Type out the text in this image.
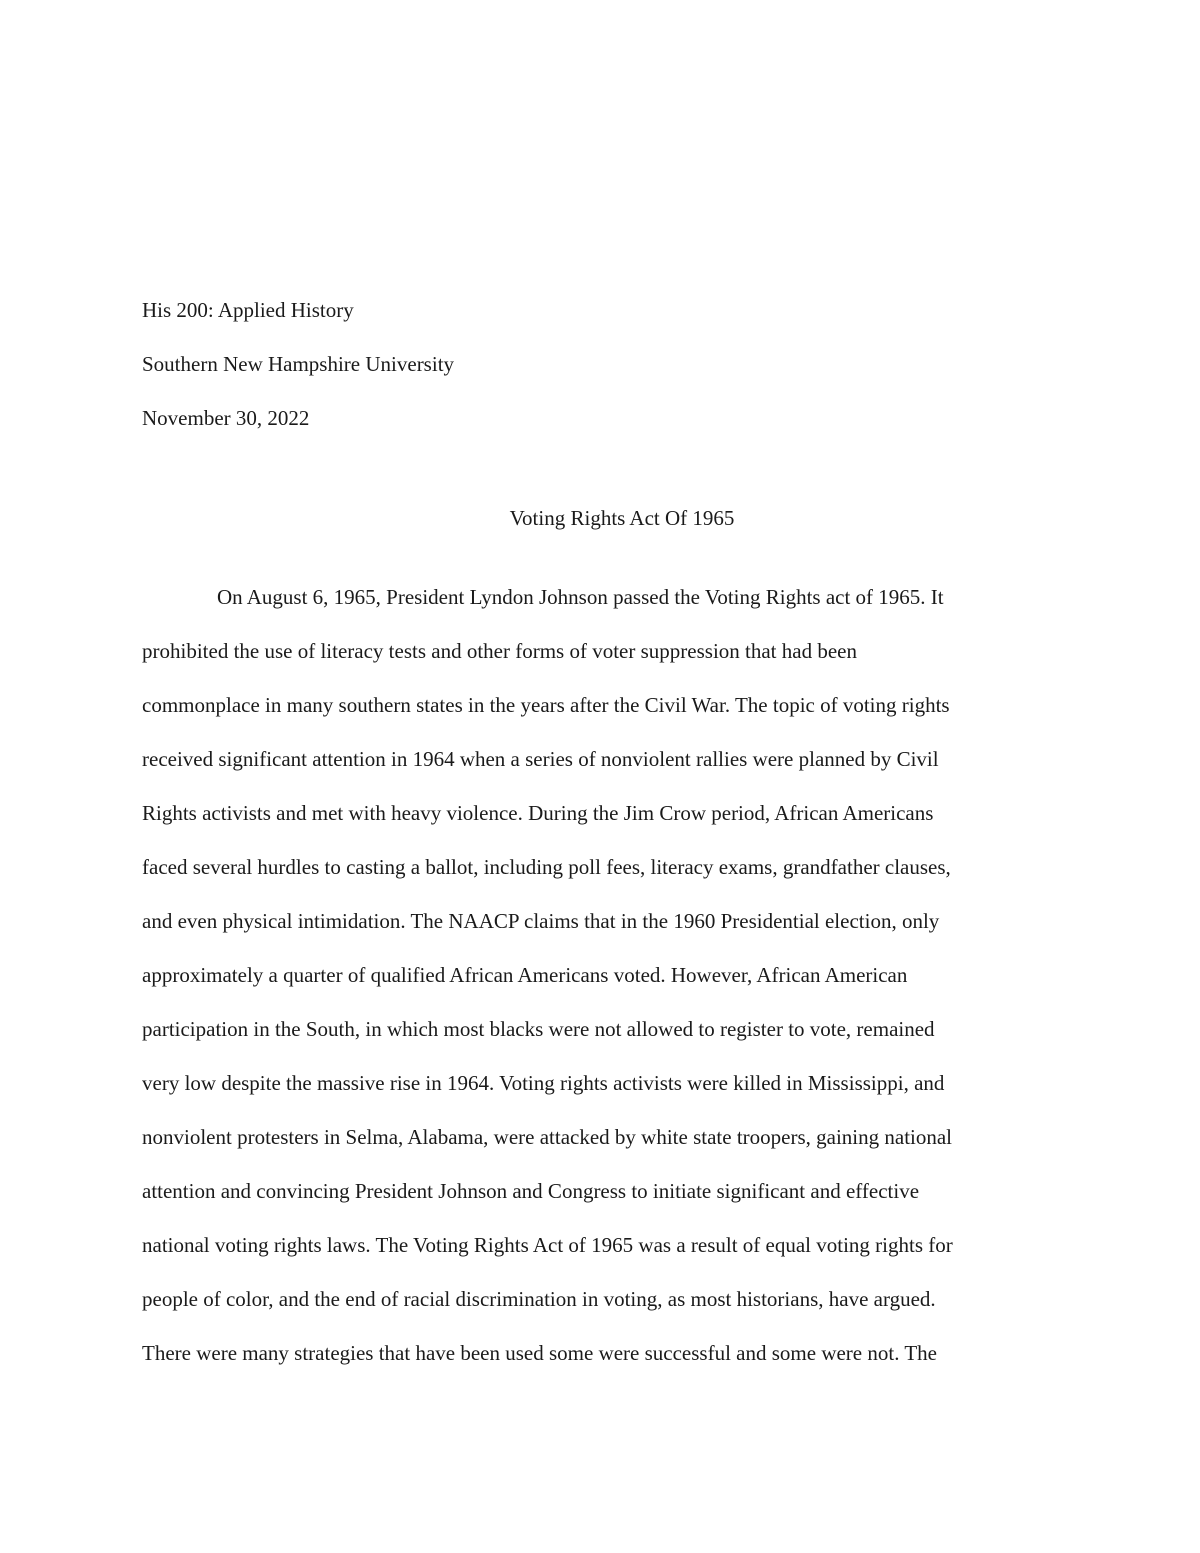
His 200: Applied History
Southern New Hampshire University
November 30, 2022
Voting Rights Act Of 1965
On August 6, 1965, President Lyndon Johnson passed the Voting Rights act of 1965. It
prohibited the use of literacy tests and other forms of voter suppression that had been
commonplace in many southern states in the years after the Civil War. The topic of voting rights
received significant attention in 1964 when a series of nonviolent rallies were planned by Civil
Rights activists and met with heavy violence. During the Jim Crow period, African Americans
faced several hurdles to casting a ballot, including poll fees, literacy exams, grandfather clauses,
and even physical intimidation. The NAACP claims that in the 1960 Presidential election, only
approximately a quarter of qualified African Americans voted. However, African American
participation in the South, in which most blacks were not allowed to register to vote, remained
very low despite the massive rise in 1964. Voting rights activists were killed in Mississippi, and
nonviolent protesters in Selma, Alabama, were attacked by white state troopers, gaining national
attention and convincing President Johnson and Congress to initiate significant and effective
national voting rights laws. The Voting Rights Act of 1965 was a result of equal voting rights for
people of color, and the end of racial discrimination in voting, as most historians, have argued.
There were many strategies that have been used some were successful and some were not. The
